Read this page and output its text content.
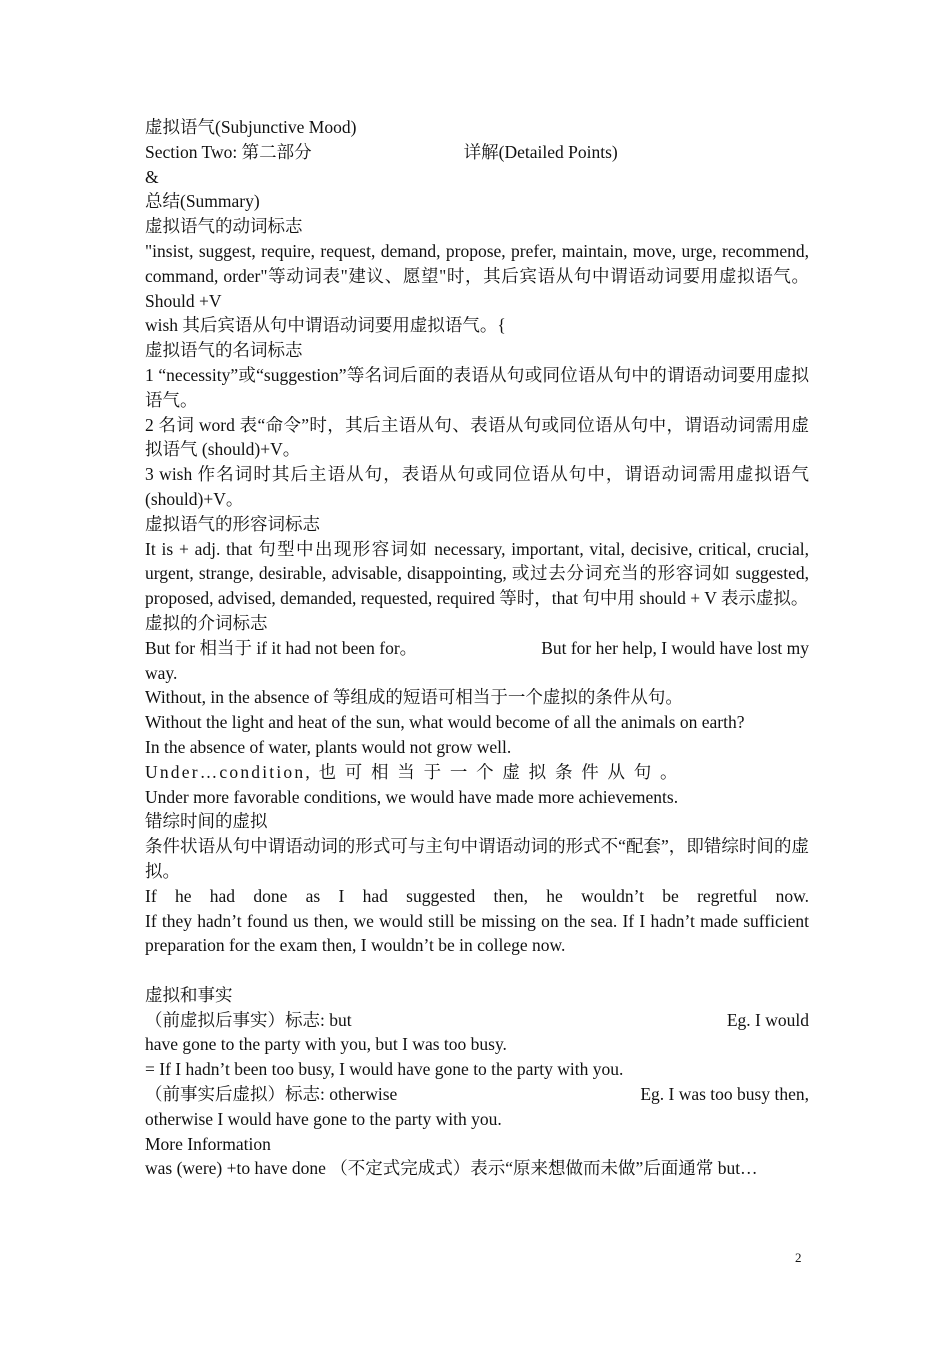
虚拟语气(Subjunctive Mood)
Section Two: 第二部分	详解(Detailed Points)
&
总结(Summary)
虚拟语气的动词标志
"insist, suggest, require, request, demand, propose, prefer, maintain, move, urge, recommend, command, order"等动词表"建议、愿望"时，其后宾语从句中谓语动词要用虚拟语气。Should +V
wish 其后宾语从句中谓语动词要用虚拟语气。{
虚拟语气的名词标志
1 “necessity”或“suggestion”等名词后面的表语从句或同位语从句中的谓语动词要用虚拟语气。
2 名词 word 表“命令”时，其后主语从句、表语从句或同位语从句中，谓语动词需用虚拟语气 (should)+V。
3 wish 作名词时其后主语从句，表语从句或同位语从句中，谓语动词需用虚拟语气(should)+V。
虚拟语气的形容词标志
It is + adj. that 句型中出现形容词如 necessary, important, vital, decisive, critical, crucial, urgent, strange, desirable, advisable, disappointing, 或过去分词充当的形容词如 suggested, proposed, advised, demanded, requested, required 等时，that 句中用 should + V 表示虚拟。
虚拟的介词标志
But for 相当于 if it had not been for。	But for her help, I would have lost my
way.
Without, in the absence of 等组成的短语可相当于一个虚拟的条件从句。
Without the light and heat of the sun, what would become of all the animals on earth?
In the absence of water, plants would not grow well.
Under…condition, 也 可 相 当 于 一 个 虚 拟 条 件 从 句 。
Under more favorable conditions, we would have made more achievements.
错综时间的虚拟
条件状语从句中谓语动词的形式可与主句中谓语动词的形式不“配套”，即错综时间的虚拟。
If he had done as I had suggested then, he wouldn’t be regretful now.
If they hadn’t found us then, we would still be missing on the sea. If I hadn’t made sufficient preparation for the exam then, I wouldn’t be in college now.
虚拟和事实
（前虚拟后事实）标志: but	Eg. I would
have gone to the party with you, but I was too busy.
= If I hadn’t been too busy, I would have gone to the party with you.
（前事实后虚拟）标志: otherwise	Eg. I was too busy then,
otherwise I would have gone to the party with you.
More Information
was (were) +to have done （不定式完成式）表示“原来想做而未做”后面通常 but…
2
